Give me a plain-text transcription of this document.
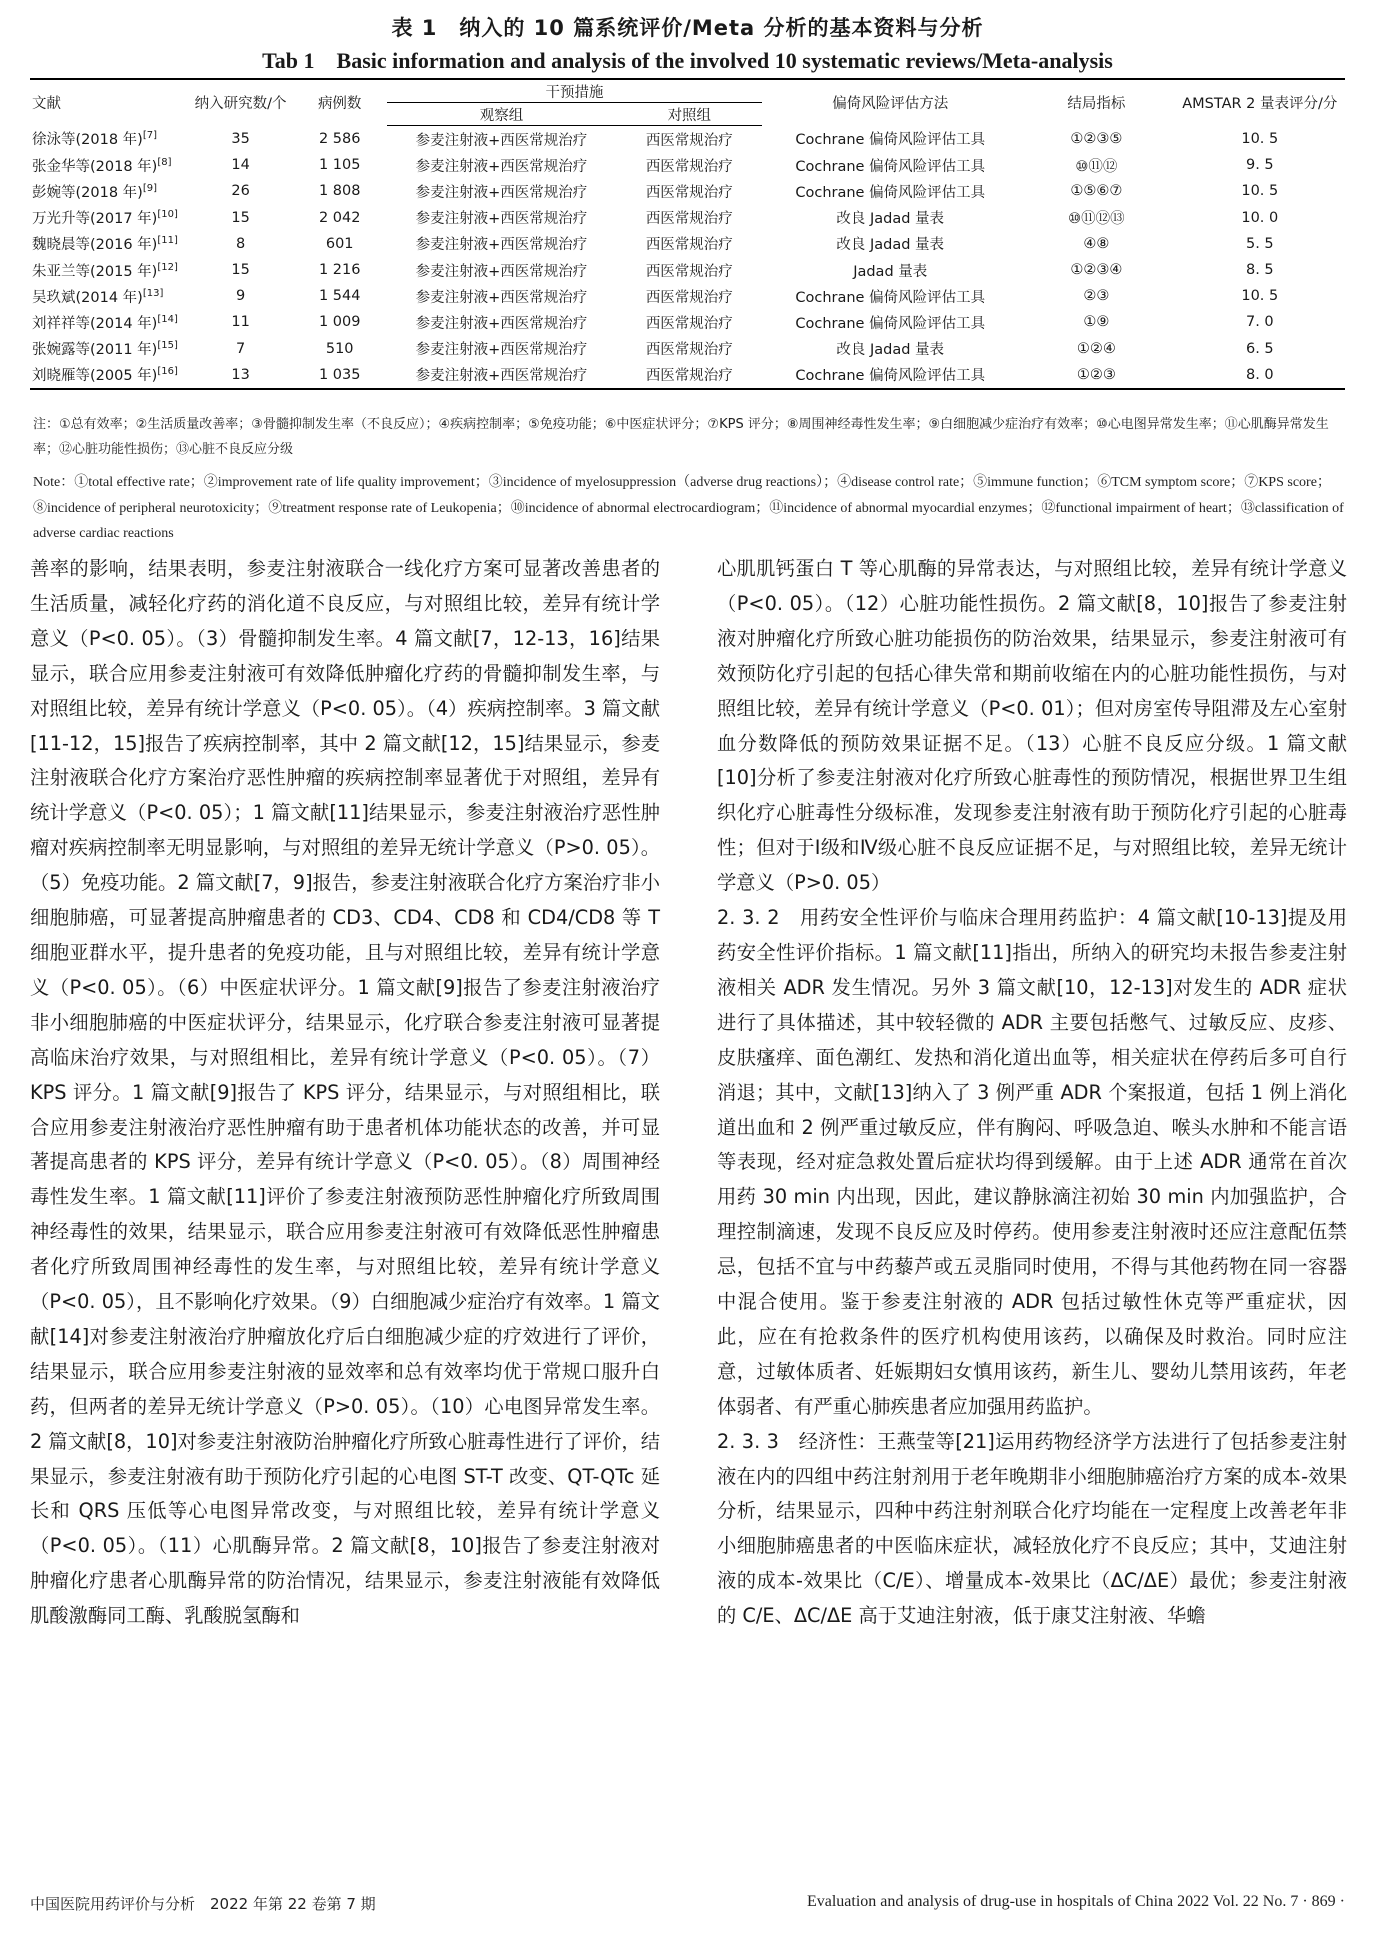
表 1　纳入的 10 篇系统评价/Meta 分析的基本资料与分析
Tab 1　Basic information and analysis of the involved 10 systematic reviews/Meta-analysis
文献	纳入研究数/个	病例数	干预措施		偏倚风险评估方法	结局指标	AMSTAR 2 量表评分/分
			观察组	对照组			
徐泳等(2018 年)[7]	35	2 586	参麦注射液+西医常规治疗	西医常规治疗	Cochrane 偏倚风险评估工具	①②③⑤	10. 5
张金华等(2018 年)[8]	14	1 105	参麦注射液+西医常规治疗	西医常规治疗	Cochrane 偏倚风险评估工具	⑩⑪⑫	9. 5
彭婉等(2018 年)[9]	26	1 808	参麦注射液+西医常规治疗	西医常规治疗	Cochrane 偏倚风险评估工具	①⑤⑥⑦	10. 5
万光升等(2017 年)[10]	15	2 042	参麦注射液+西医常规治疗	西医常规治疗	改良 Jadad 量表	⑩⑪⑫⑬	10. 0
魏晓晨等(2016 年)[11]	8	601	参麦注射液+西医常规治疗	西医常规治疗	改良 Jadad 量表	④⑧	5. 5
朱亚兰等(2015 年)[12]	15	1 216	参麦注射液+西医常规治疗	西医常规治疗	Jadad 量表	①②③④	8. 5
吴玖斌(2014 年)[13]	9	1 544	参麦注射液+西医常规治疗	西医常规治疗	Cochrane 偏倚风险评估工具	②③	10. 5
刘祥祥等(2014 年)[14]	11	1 009	参麦注射液+西医常规治疗	西医常规治疗	Cochrane 偏倚风险评估工具	①⑨	7. 0
张婉露等(2011 年)[15]	7	510	参麦注射液+西医常规治疗	西医常规治疗	改良 Jadad 量表	①②④	6. 5
刘晓雁等(2005 年)[16]	13	1 035	参麦注射液+西医常规治疗	西医常规治疗	Cochrane 偏倚风险评估工具	①②③	8. 0
注：①总有效率；②生活质量改善率；③骨髓抑制发生率（不良反应）；④疾病控制率；⑤免疫功能；⑥中医症状评分；⑦KPS 评分；⑧周围神经毒性发生率；⑨白细胞减少症治疗有效率；⑩心电图异常发生率；⑪心肌酶异常发生率；⑫心脏功能性损伤；⑬心脏不良反应分级
Note：①total effective rate；②improvement rate of life quality improvement；③incidence of myelosuppression（adverse drug reactions）；④disease control rate；⑤immune function；⑥TCM symptom score；⑦KPS score；⑧incidence of peripheral neurotoxicity；⑨treatment response rate of Leukopenia；⑩incidence of abnormal electrocardiogram；⑪incidence of abnormal myocardial enzymes；⑫functional impairment of heart；⑬classification of adverse cardiac reactions

善率的影响，结果表明，参麦注射液联合一线化疗方案可显著改善患者的生活质量，减轻化疗药的消化道不良反应，与对照组比较，差异有统计学意义（P<0. 05）。（3）骨髓抑制发生率。4 篇文献[7，12-13，16]结果显示，联合应用参麦注射液可有效降低肿瘤化疗药的骨髓抑制发生率，与对照组比较，差异有统计学意义（P<0. 05）。（4）疾病控制率。3 篇文献[11-12，15]报告了疾病控制率，其中 2 篇文献[12，15]结果显示，参麦注射液联合化疗方案治疗恶性肿瘤的疾病控制率显著优于对照组，差异有统计学意义（P<0. 05）；1 篇文献[11]结果显示，参麦注射液治疗恶性肿瘤对疾病控制率无明显影响，与对照组的差异无统计学意义（P>0. 05）。（5）免疫功能。2 篇文献[7，9]报告，参麦注射液联合化疗方案治疗非小细胞肺癌，可显著提高肿瘤患者的 CD3、CD4、CD8 和 CD4/CD8 等 T 细胞亚群水平，提升患者的免疫功能，且与对照组比较，差异有统计学意义（P<0. 05）。（6）中医症状评分。1 篇文献[9]报告了参麦注射液治疗非小细胞肺癌的中医症状评分，结果显示，化疗联合参麦注射液可显著提高临床治疗效果，与对照组相比，差异有统计学意义（P<0. 05）。（7）KPS 评分。1 篇文献[9]报告了 KPS 评分，结果显示，与对照组相比，联合应用参麦注射液治疗恶性肿瘤有助于患者机体功能状态的改善，并可显著提高患者的 KPS 评分，差异有统计学意义（P<0. 05）。（8）周围神经毒性发生率。1 篇文献[11]评价了参麦注射液预防恶性肿瘤化疗所致周围神经毒性的效果，结果显示，联合应用参麦注射液可有效降低恶性肿瘤患者化疗所致周围神经毒性的发生率，与对照组比较，差异有统计学意义（P<0. 05），且不影响化疗效果。（9）白细胞减少症治疗有效率。1 篇文献[14]对参麦注射液治疗肿瘤放化疗后白细胞减少症的疗效进行了评价，结果显示，联合应用参麦注射液的显效率和总有效率均优于常规口服升白药，但两者的差异无统计学意义（P>0. 05）。（10）心电图异常发生率。2 篇文献[8，10]对参麦注射液防治肿瘤化疗所致心脏毒性进行了评价，结果显示，参麦注射液有助于预防化疗引起的心电图 ST-T 改变、QT-QTc 延长和 QRS 压低等心电图异常改变，与对照组比较，差异有统计学意义（P<0. 05）。（11）心肌酶异常。2 篇文献[8，10]报告了参麦注射液对肿瘤化疗患者心肌酶异常的防治情况，结果显示，参麦注射液能有效降低肌酸激酶同工酶、乳酸脱氢酶和

心肌肌钙蛋白 T 等心肌酶的异常表达，与对照组比较，差异有统计学意义（P<0. 05）。（12）心脏功能性损伤。2 篇文献[8，10]报告了参麦注射液对肿瘤化疗所致心脏功能损伤的防治效果，结果显示，参麦注射液可有效预防化疗引起的包括心律失常和期前收缩在内的心脏功能性损伤，与对照组比较，差异有统计学意义（P<0. 01）；但对房室传导阻滞及左心室射血分数降低的预防效果证据不足。（13）心脏不良反应分级。1 篇文献[10]分析了参麦注射液对化疗所致心脏毒性的预防情况，根据世界卫生组织化疗心脏毒性分级标准，发现参麦注射液有助于预防化疗引起的心脏毒性；但对于Ⅰ级和Ⅳ级心脏不良反应证据不足，与对照组比较，差异无统计学意义（P>0. 05）

2. 3. 2　用药安全性评价与临床合理用药监护：4 篇文献[10-13]提及用药安全性评价指标。1 篇文献[11]指出，所纳入的研究均未报告参麦注射液相关 ADR 发生情况。另外 3 篇文献[10，12-13]对发生的 ADR 症状进行了具体描述，其中较轻微的 ADR 主要包括憋气、过敏反应、皮疹、皮肤瘙痒、面色潮红、发热和消化道出血等，相关症状在停药后多可自行消退；其中，文献[13]纳入了 3 例严重 ADR 个案报道，包括 1 例上消化道出血和 2 例严重过敏反应，伴有胸闷、呼吸急迫、喉头水肿和不能言语等表现，经对症急救处置后症状均得到缓解。由于上述 ADR 通常在首次用药 30 min 内出现，因此，建议静脉滴注初始 30 min 内加强监护，合理控制滴速，发现不良反应及时停药。使用参麦注射液时还应注意配伍禁忌，包括不宜与中药藜芦或五灵脂同时使用，不得与其他药物在同一容器中混合使用。鉴于参麦注射液的 ADR 包括过敏性休克等严重症状，因此，应在有抢救条件的医疗机构使用该药，以确保及时救治。同时应注意，过敏体质者、妊娠期妇女慎用该药，新生儿、婴幼儿禁用该药，年老体弱者、有严重心肺疾患者应加强用药监护。

2. 3. 3　经济性：王燕莹等[21]运用药物经济学方法进行了包括参麦注射液在内的四组中药注射剂用于老年晚期非小细胞肺癌治疗方案的成本-效果分析，结果显示，四种中药注射剂联合化疗均能在一定程度上改善老年非小细胞肺癌患者的中医临床症状，减轻放化疗不良反应；其中，艾迪注射液的成本-效果比（C/E）、增量成本-效果比（ΔC/ΔE）最优；参麦注射液的 C/E、ΔC/ΔE 高于艾迪注射液，低于康艾注射液、华蟾

中国医院用药评价与分析　2022 年第 22 卷第 7 期	Evaluation and analysis of drug-use in hospitals of China 2022 Vol. 22 No. 7 · 869 ·
